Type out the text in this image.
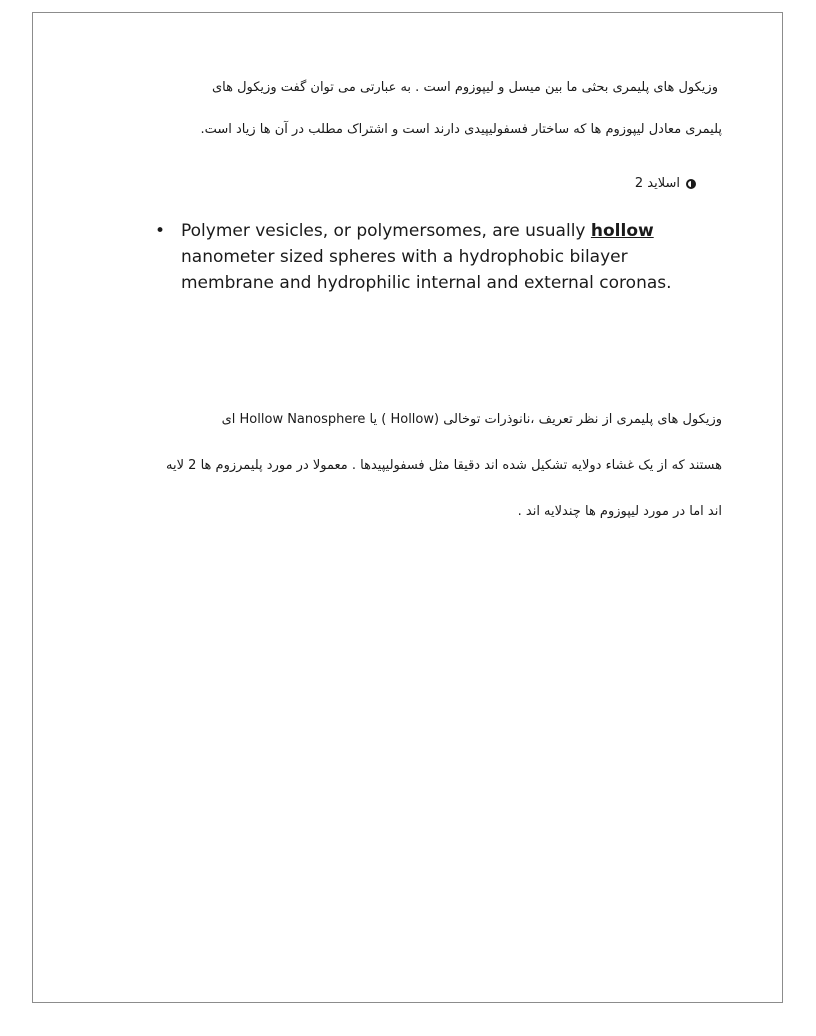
وزیکول های پلیمری بحثی ما بین میسل و لیپوزوم است . به عبارتی می توان گفت وزیکول های
پلیمری معادل لیپوزوم ها که ساختار فسفولیپیدی دارند است و اشتراک مطلب در آن ها زیاد است.
اسلاید 2
• Polymer vesicles, or polymersomes, are usually hollow
nanometer sized spheres with a hydrophobic bilayer
membrane and hydrophilic internal and external coronas.
وزیکول های پلیمری از نظر تعریف ،نانوذرات توخالی (Hollow ) یا Hollow Nanosphere ای
هستند که از یک غشاء دولایه تشکیل شده اند دقیقا مثل فسفولیپیدها . معمولا در مورد پلیمرزوم ها 2 لایه
اند اما در مورد لیپوزوم ها چندلایه اند .
